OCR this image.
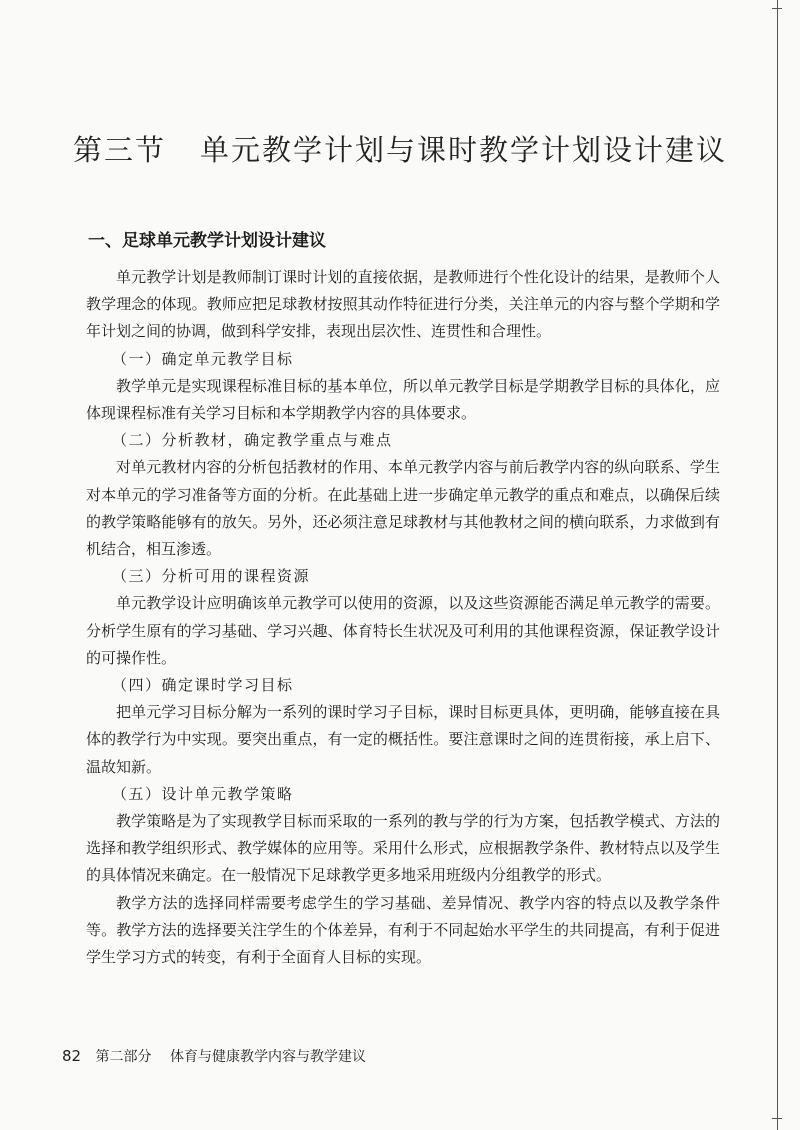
第三节 单元教学计划与课时教学计划设计建议
一、足球单元教学计划设计建议

单元教学计划是教师制订课时计划的直接依据，是教师进行个性化设计的结果，是教师个人教学理念的体现。教师应把足球教材按照其动作特征进行分类，关注单元的内容与整个学期和学年计划之间的协调，做到科学安排，表现出层次性、连贯性和合理性。

（一）确定单元教学目标

教学单元是实现课程标准目标的基本单位，所以单元教学目标是学期教学目标的具体化，应体现课程标准有关学习目标和本学期教学内容的具体要求。

（二）分析教材，确定教学重点与难点

对单元教材内容的分析包括教材的作用、本单元教学内容与前后教学内容的纵向联系、学生对本单元的学习准备等方面的分析。在此基础上进一步确定单元教学的重点和难点，以确保后续的教学策略能够有的放矢。另外，还必须注意足球教材与其他教材之间的横向联系，力求做到有机结合，相互渗透。

（三）分析可用的课程资源

单元教学设计应明确该单元教学可以使用的资源，以及这些资源能否满足单元教学的需要。分析学生原有的学习基础、学习兴趣、体育特长生状况及可利用的其他课程资源，保证教学设计的可操作性。

（四）确定课时学习目标

把单元学习目标分解为一系列的课时学习子目标，课时目标更具体，更明确，能够直接在具体的教学行为中实现。要突出重点，有一定的概括性。要注意课时之间的连贯衔接，承上启下、温故知新。

（五）设计单元教学策略

教学策略是为了实现教学目标而采取的一系列的教与学的行为方案，包括教学模式、方法的选择和教学组织形式、教学媒体的应用等。采用什么形式，应根据教学条件、教材特点以及学生的具体情况来确定。在一般情况下足球教学更多地采用班级内分组教学的形式。

教学方法的选择同样需要考虑学生的学习基础、差异情况、教学内容的特点以及教学条件等。教学方法的选择要关注学生的个体差异，有利于不同起始水平学生的共同提高，有利于促进学生学习方式的转变，有利于全面育人目标的实现。

82 第二部分 体育与健康教学内容与教学建议
